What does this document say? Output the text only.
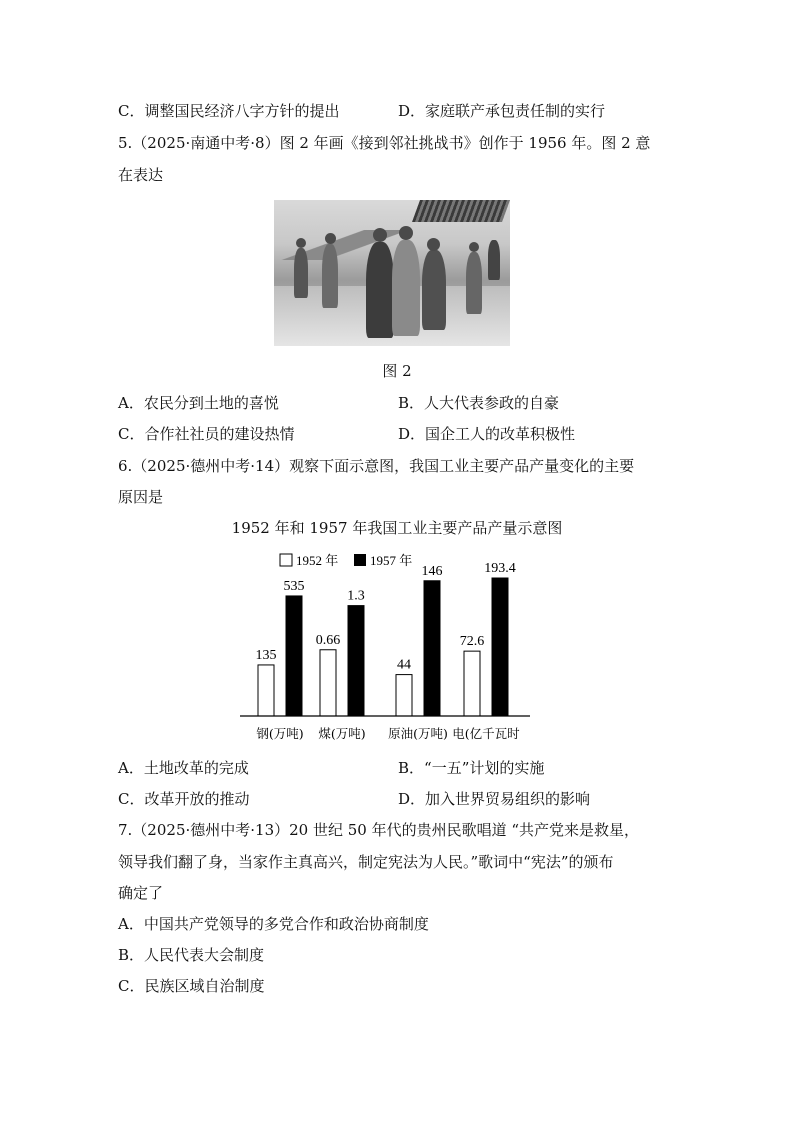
C．调整国民经济八字方针的提出	D．家庭联产承包责任制的实行
5.（2025·南通中考·8）图 2 年画《接到邻社挑战书》创作于 1956 年。图 2 意
在表达
图 2
A．农民分到土地的喜悦	B．人大代表参政的自豪
C．合作社社员的建设热情	D．国企工人的改革积极性
6.（2025·德州中考·14）观察下面示意图，我国工业主要产品产量变化的主要
原因是
1952 年和 1957 年我国工业主要产品产量示意图
1952 年 1957 年
135
535
钢(万吨)
0.66
1.3
煤(万吨)
44
146
原油(万吨)
72.6
193.4
电(亿千瓦时
A．土地改革的完成	B．“一五”计划的实施
C．改革开放的推动	D．加入世界贸易组织的影响
7.（2025·德州中考·13）20 世纪 50 年代的贵州民歌唱道 “共产党来是救星，
领导我们翻了身，当家作主真高兴，制定宪法为人民。”歌词中“宪法”的颁布
确定了
A．中国共产党领导的多党合作和政治协商制度
B．人民代表大会制度
C．民族区域自治制度
